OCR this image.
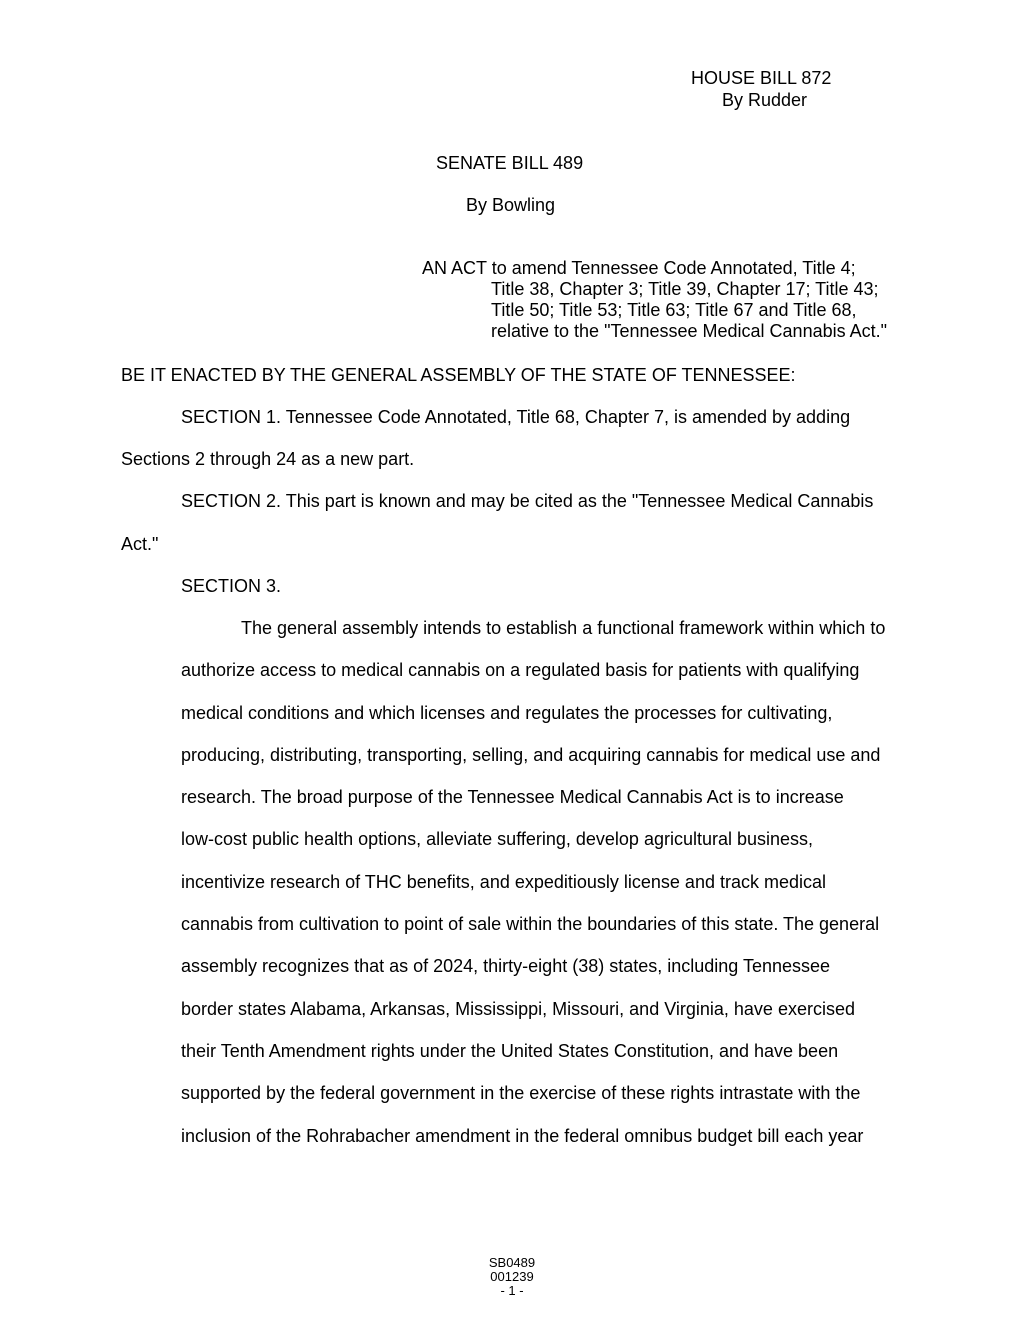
HOUSE BILL 872
By Rudder
SENATE BILL 489
By Bowling
AN ACT to amend Tennessee Code Annotated, Title 4;
Title 38, Chapter 3; Title 39, Chapter 17; Title 43;
Title 50; Title 53; Title 63; Title 67 and Title 68,
relative to the "Tennessee Medical Cannabis Act."
BE IT ENACTED BY THE GENERAL ASSEMBLY OF THE STATE OF TENNESSEE:
SECTION 1. Tennessee Code Annotated, Title 68, Chapter 7, is amended by adding
Sections 2 through 24 as a new part.
SECTION 2. This part is known and may be cited as the "Tennessee Medical Cannabis
Act."
SECTION 3.
The general assembly intends to establish a functional framework within which to
authorize access to medical cannabis on a regulated basis for patients with qualifying
medical conditions and which licenses and regulates the processes for cultivating,
producing, distributing, transporting, selling, and acquiring cannabis for medical use and
research. The broad purpose of the Tennessee Medical Cannabis Act is to increase
low-cost public health options, alleviate suffering, develop agricultural business,
incentivize research of THC benefits, and expeditiously license and track medical
cannabis from cultivation to point of sale within the boundaries of this state. The general
assembly recognizes that as of 2024, thirty-eight (38) states, including Tennessee
border states Alabama, Arkansas, Mississippi, Missouri, and Virginia, have exercised
their Tenth Amendment rights under the United States Constitution, and have been
supported by the federal government in the exercise of these rights intrastate with the
inclusion of the Rohrabacher amendment in the federal omnibus budget bill each year
SB0489
001239
- 1 -
